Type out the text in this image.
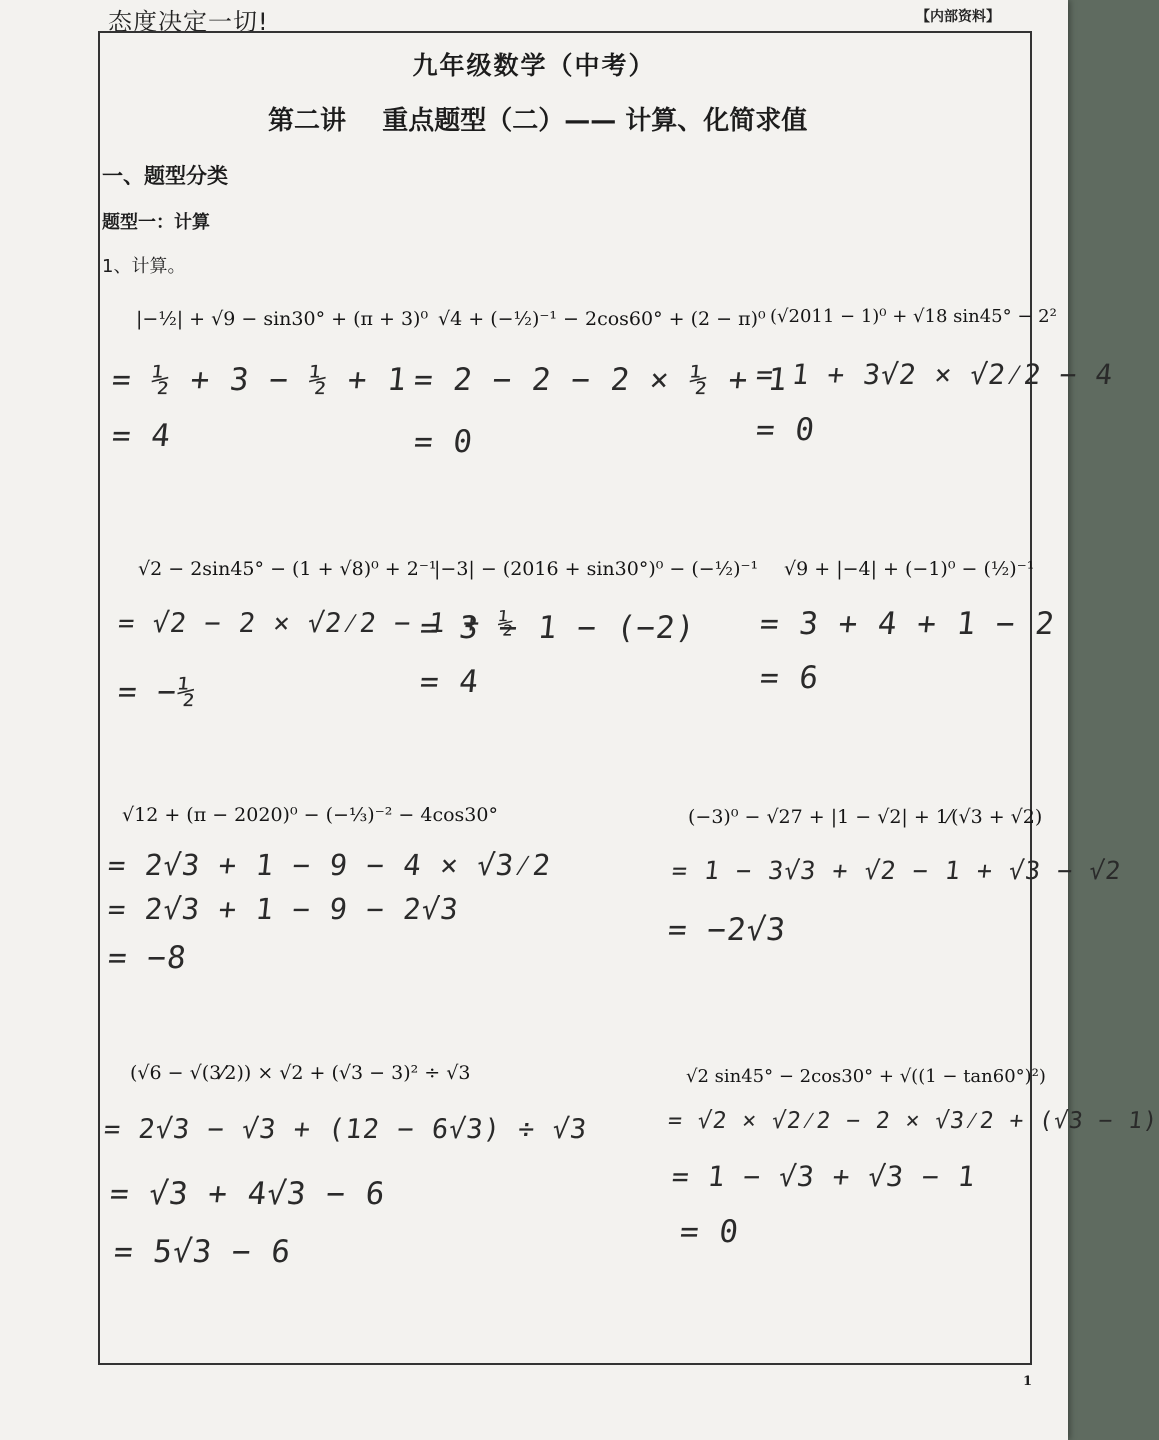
态度决定一切!	【内部资料】
九年级数学（中考）
第二讲    重点题型（二）—— 计算、化简求值
一、题型分类
题型一：计算
1、计算。
|−½| + √9 − sin30° + (π + 3)⁰
= ½ + 3 − ½ + 1
= 4
√4 + (−½)⁻¹ − 2cos60° + (2 − π)⁰
= 2 − 2 − 2 × ½ + 1
= 0
(√2011 − 1)⁰ + √18 sin45° − 2²
= 1 + 3√2 × √2⁄2 − 4
= 0
√2 − 2sin45° − (1 + √8)⁰ + 2⁻¹
= √2 − 2 × √2⁄2 − 1 + ½
= −½
|−3| − (2016 + sin30°)⁰ − (−½)⁻¹
= 3 − 1 − (−2)
= 4
√9 + |−4| + (−1)⁰ − (½)⁻¹
= 3 + 4 + 1 − 2
= 6
√12 + (π − 2020)⁰ − (−⅓)⁻² − 4cos30°
= 2√3 + 1 − 9 − 4 × √3⁄2
= 2√3 + 1 − 9 − 2√3
= −8
(−3)⁰ − √27 + |1 − √2| + 1⁄(√3 + √2)
= 1 − 3√3 + √2 − 1 + √3 − √2
= −2√3
(√6 − √(3⁄2)) × √2 + (√3 − 3)² ÷ √3
= 2√3 − √3 + (12 − 6√3) ÷ √3
= √3 + 4√3 − 6
= 5√3 − 6
√2 sin45° − 2cos30° + √((1 − tan60°)²)
= √2 × √2⁄2 − 2 × √3⁄2 + (√3 − 1)
= 1 − √3 + √3 − 1
= 0
1
